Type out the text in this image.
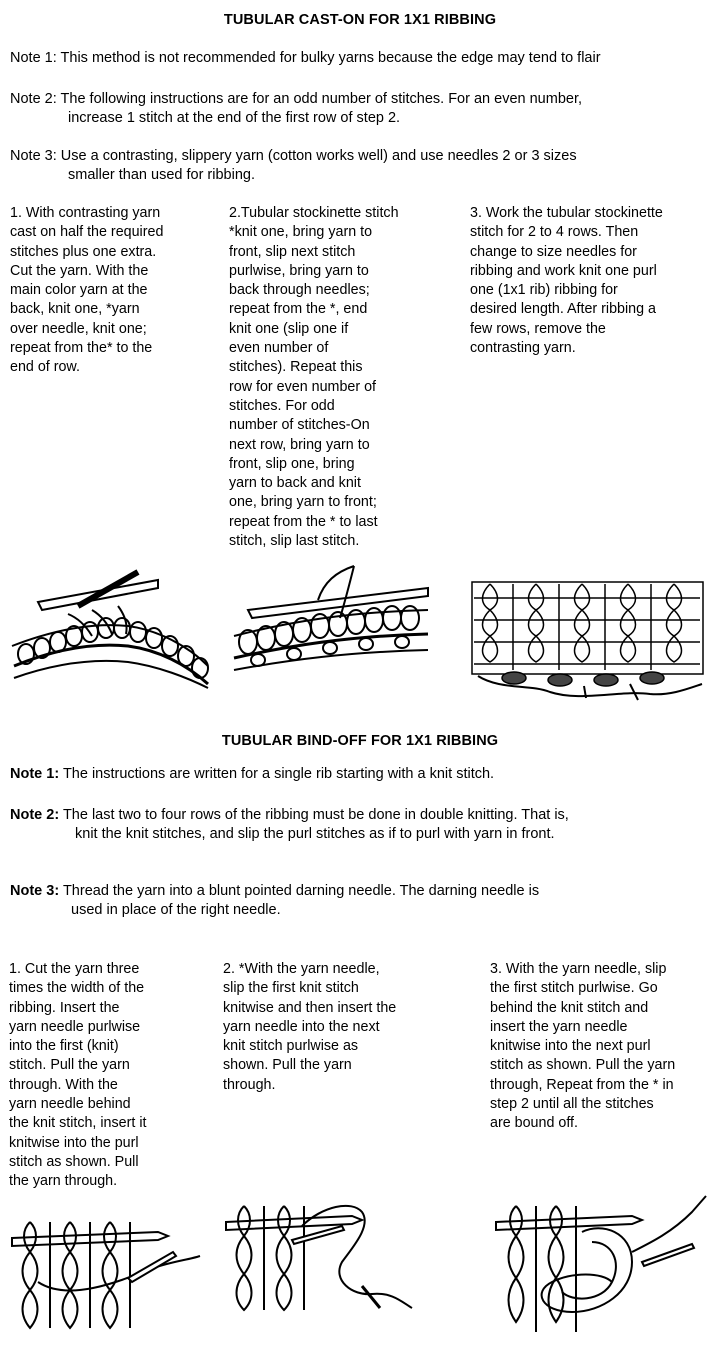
TUBULAR CAST-ON FOR 1X1 RIBBING
Note 1: This method is not recommended for bulky yarns because the edge may tend to flair
Note 2: The following instructions are for an odd number of stitches. For an even number,
increase 1 stitch at the end of the first row of step 2.
Note 3: Use a contrasting, slippery yarn (cotton works well) and use needles 2 or 3 sizes
smaller than used for ribbing.
1. With contrasting yarn
cast on half the required
stitches plus one extra.
Cut the yarn. With the
main color yarn at the
back, knit one, *yarn
over needle, knit one;
repeat from the* to the
end of row.
2.Tubular stockinette stitch
*knit one, bring yarn to
front, slip next stitch
purlwise, bring yarn to
back through needles;
repeat from the *, end
knit one (slip one if
even number of
stitches). Repeat this
row for even number of
stitches. For odd
number of stitches-On
next row, bring yarn to
front, slip one, bring
yarn to back and knit
one, bring yarn to front;
repeat from the * to last
stitch, slip last stitch.
3. Work the tubular stockinette
stitch for 2 to 4 rows. Then
change to size needles for
ribbing and work knit one purl
one (1x1 rib) ribbing for
desired length. After ribbing a
few rows, remove the
contrasting yarn.
TUBULAR BIND-OFF FOR 1X1 RIBBING
Note 1: The instructions are written for a single rib starting with a knit stitch.
Note 2: The last two to four rows of the ribbing must be done in double knitting. That is,
knit the knit stitches, and slip the purl stitches as if to purl with yarn in front.
Note 3: Thread the yarn into a blunt pointed darning needle. The darning needle is
used in place of the right needle.
1. Cut the yarn three
times the width of the
ribbing. Insert the
yarn needle purlwise
into the first (knit)
stitch. Pull the yarn
through. With the
yarn needle behind
the knit stitch, insert it
knitwise into the purl
stitch as shown. Pull
the yarn through.
2. *With the yarn needle,
slip the first knit stitch
knitwise and then insert the
yarn needle into the next
knit stitch purlwise as
shown. Pull the yarn
through.
3. With the yarn needle, slip
the first stitch purlwise. Go
behind the knit stitch and
insert the yarn needle
knitwise into the next purl
stitch as shown. Pull the yarn
through, Repeat from the * in
step 2 until all the stitches
are bound off.
